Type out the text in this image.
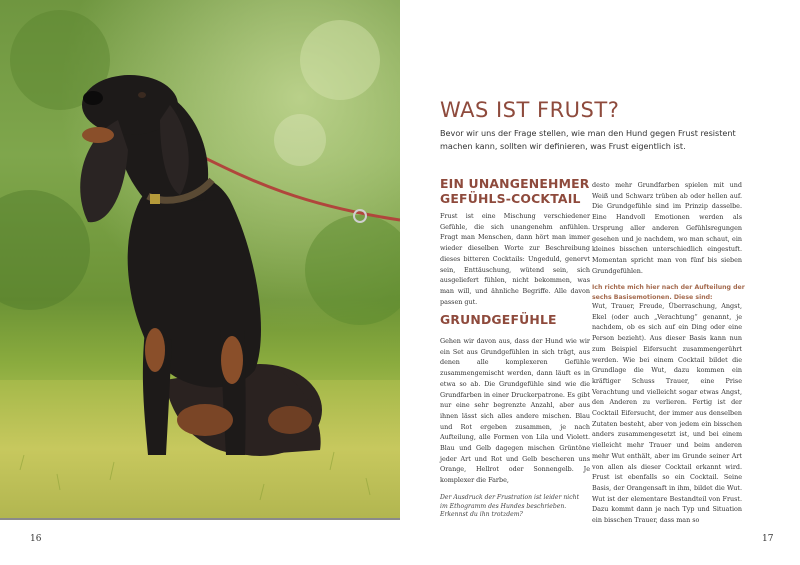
16
WAS IST FRUST?
Bevor wir uns der Frage stellen, wie man den Hund gegen Frust resistent machen kann, sollten wir definieren, was Frust eigentlich ist.
EIN UNANGENEHMER GEFÜHLS-COCKTAIL

Frust ist eine Mischung verschiedener Gefühle, die sich unangenehm anfühlen. Fragt man Menschen, dann hört man immer wieder dieselben Worte zur Beschreibung dieses bitteren Cocktails: Ungeduld, genervt sein, Enttäuschung, wütend sein, sich ausgeliefert fühlen, nicht bekommen, was man will, und ähnliche Begriffe. Alle davon passen gut.

GRUNDGEFÜHLE

Gehen wir davon aus, dass der Hund wie wir ein Set aus Grundgefühlen in sich trägt, aus denen alle komplexeren Gefühle zusammengemischt werden, dann läuft es in etwa so ab. Die Grundgefühle sind wie die Grundfarben in einer Druckerpatrone. Es gibt nur eine sehr begrenzte Anzahl, aber aus ihnen lässt sich alles andere mischen. Blau und Rot ergeben zusammen, je nach Aufteilung, alle Formen von Lila und Violett. Blau und Gelb dagegen mischen Grüntöne jeder Art und Rot und Gelb bescheren uns Orange, Hellrot oder Sonnengelb. Je komplexer die Farbe,

desto mehr Grundfarben spielen mit und Weiß und Schwarz trüben ab oder hellen auf. Die Grundgefühle sind im Prinzip dasselbe. Eine Handvoll Emotionen werden als Ursprung aller anderen Gefühlsregungen gesehen und je nachdem, wo man schaut, ein kleines bisschen unterschiedlich eingestuft. Momentan spricht man von fünf bis sieben Grundgefühlen.

Ich richte mich hier nach der Aufteilung der sechs Basisemotionen. Diese sind:

Wut, Trauer, Freude, Überraschung, Angst, Ekel (oder auch „Verachtung“ genannt, je nachdem, ob es sich auf ein Ding oder eine Person bezieht). Aus dieser Basis kann nun zum Beispiel Eifersucht zusammengerührt werden. Wie bei einem Cocktail bildet die Grundlage die Wut, dazu kommen ein kräftiger Schuss Trauer, eine Prise Verachtung und vielleicht sogar etwas Angst, den Anderen zu verlieren. Fertig ist der Cocktail Eifersucht, der immer aus denselben Zutaten besteht, aber von jedem ein bisschen anders zusammengesetzt ist, und bei einem vielleicht mehr Trauer und beim anderen mehr Wut enthält, aber im Grunde seiner Art von allen als dieser Cocktail erkannt wird. Frust ist ebenfalls so ein Cocktail. Seine Basis, der Orangensaft in ihm, bildet die Wut. Wut ist der elementare Bestandteil von Frust. Dazu kommt dann je nach Typ und Situation ein bisschen Trauer, dass man so

Der Ausdruck der Frustration ist leider nicht im Ethogramm des Hundes beschrieben. Erkennst du ihn trotzdem?
17
